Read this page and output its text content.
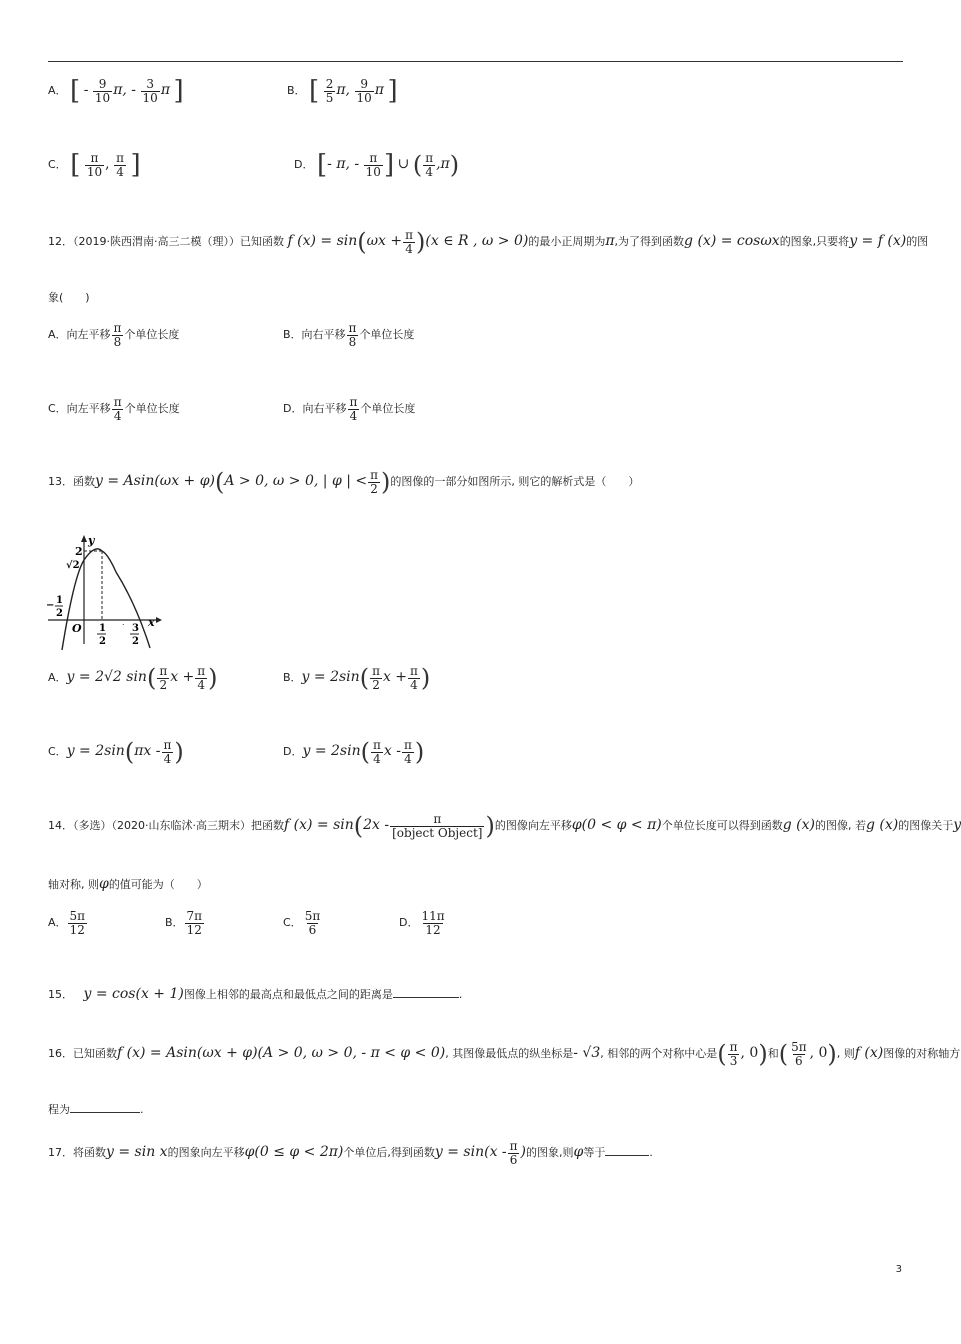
A． [ - $\frac{9}{10} \pi$, - $\frac{3}{10}$ π ]	B． [ $\frac{2}{5} \pi$, $\frac{9}{10}$ π ]
C． [ $\frac{\pi}{10}$ , $\frac{\pi}{4}$ ]	D． [- π, - $\frac{\pi}{10}$ ] ∪ ( $\frac{\pi}{4} ,\pi$)
12．（2019·陕西渭南·高三二模（理））已知函数 f $(x) = \sin(\omega x + \frac{\pi}{4} )(x$ ∈ R , ω > 0)的最小正周期为π,为了得到函数g (x) = cosωx的图象,只要将y = f (x)的图
象(　　)
A．向左平移 $\frac{\pi}{8}$ 个单位长度	B．向右平移 $\frac{\pi}{8}$ 个单位长度
C．向左平移 $\frac{\pi}{4}$ 个单位长度	D．向右平移 $\frac{\pi}{4}$ 个单位长度
13．函数y = Asin(ωx + φ)(A > 0, ω > 0, | φ | < $\frac{\pi}{2}$ )的图像的一部分如图所示, 则它的解析式是（　　）
y
x
O
2
√2
− 1
2
1
2
3
2
.
A．y = 2√2 $\sin( \frac{\pi}{2}$ $x + \frac{\pi}{4}$ )	B．$y = 2\sin( \frac{\pi}{2}$ $x + \frac{\pi}{4}$ )
C．$y = 2\sin(\pi x - \frac{\pi}{4}$ )	D．$y = 2\sin( \frac{\pi}{4}$ x - $\frac{\pi}{4}$ )
14．（多选）（2020·山东临沭·高三期末）把函数f $(x) = \sin(2x - \frac{\pi}{\text{[object Object]}}$ )的图像向左平移φ(0 < φ < π)个单位长度可以得到函数g (x)的图像, 若g (x)的图像关于y
轴对称, 则φ的值可能为（　　）
A． $\frac{5\pi}{12}$	B． $\frac{7\pi}{12}$	C． $\frac{5\pi}{6}$	D． $\frac{11\pi}{12}$
15． y = cos(x + 1)图像上相邻的最高点和最低点之间的距离是	.
16．已知函数f (x) = Asin(ωx + φ)(A > 0, ω > 0, - π < φ < 0), 其图像最低点的纵坐标是- √3, 相邻的两个对称中心是( $\frac{\pi}{3}$ , 0)和( $\frac{5\pi}{6}$ , 0), 则f (x)图像的对称轴方
程为	.
17．将函数y = sin x的图象向左平移φ(0 ≤ φ < 2π)个单位后,得到函数$y = \sin(x - \frac{\pi}{6}$ )的图象,则φ等于	.
3
